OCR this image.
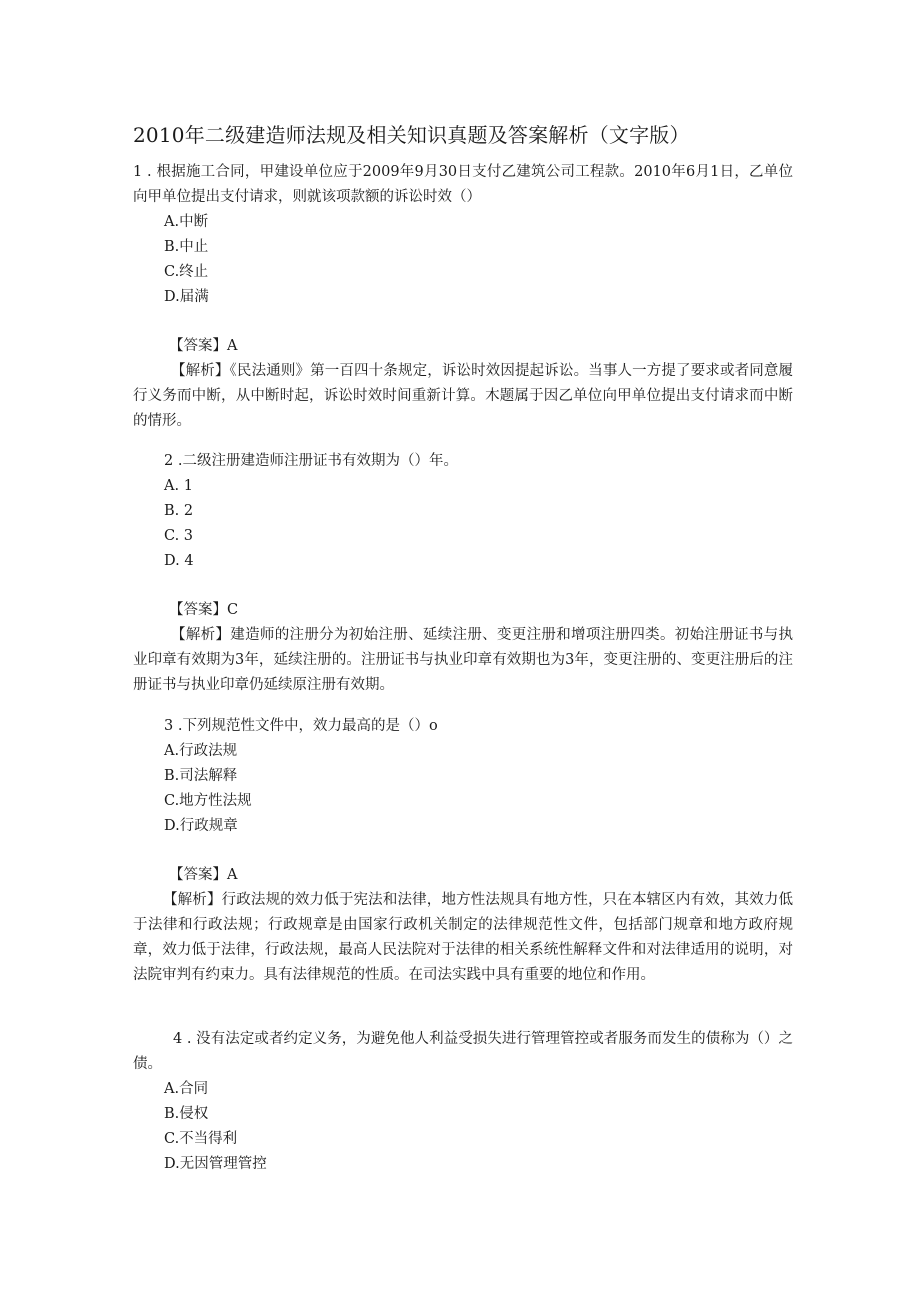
2010年二级建造师法规及相关知识真题及答案解析（文字版）
1 . 根据施工合同，甲建设单位应于2009年9月30日支付乙建筑公司工程款。2010年6月1日，乙单位向甲单位提出支付请求，则就该项款额的诉讼时效（）
A.中断
B.中止
C.终止
D.届满
【答案】A
【解析】《民法通则》第一百四十条规定，诉讼时效因提起诉讼。当事人一方提了要求或者同意履行义务而中断，从中断时起，诉讼时效时间重新计算。木题属于因乙单位向甲单位提出支付请求而中断的情形。
2 .二级注册建造师注册证书有效期为（）年。
A. 1
B. 2
C. 3
D. 4
【答案】C
【解析】建造师的注册分为初始注册、延续注册、变更注册和增项注册四类。初始注册证书与执业印章有效期为3年，延续注册的。注册证书与执业印章有效期也为3年，变更注册的、变更注册后的注册证书与执业印章仍延续原注册有效期。
3 .下列规范性文件中，效力最高的是（）o
A.行政法规
B.司法解释
C.地方性法规
D.行政规章
【答案】A
【解析】行政法规的效力低于宪法和法律，地方性法规具有地方性，只在本辖区内有效，其效力低于法律和行政法规；行政规章是由国家行政机关制定的法律规范性文件，包括部门规章和地方政府规章，效力低于法律，行政法规，最高人民法院对于法律的相关系统性解释文件和对法律适用的说明，对法院审判有约束力。具有法律规范的性质。在司法实践中具有重要的地位和作用。
4 . 没有法定或者约定义务，为避免他人利益受损失进行管理管控或者服务而发生的债称为（）之债。
A.合同
B.侵权
C.不当得利
D.无因管理管控
